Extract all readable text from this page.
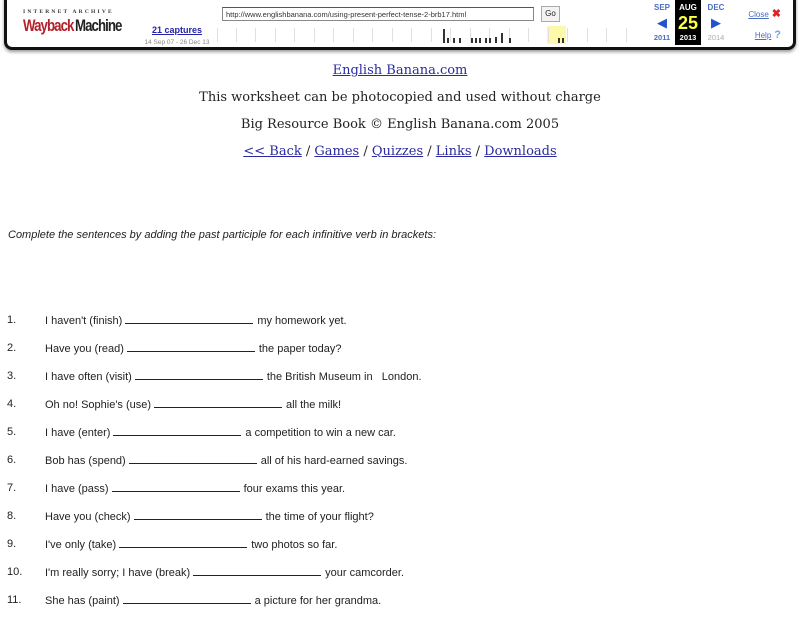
INTERNET ARCHIVE
Wayback Machine	21 captures
14 Sep 07 - 26 Dec 13
http://www.englishbanana.com/using-present-perfect-tense-2-brb17.html	Go
SEP
◀
2011
AUG
25
2013
DEC
▶
2014
Close ✖
Help ?
English Banana.com
This worksheet can be photocopied and used without charge
Big Resource Book © English Banana.com 2005
<< Back / Games / Quizzes / Links / Downloads
Complete the sentences by adding the past participle for each infinitive verb in brackets:
1.	I haven't (finish)	my homework yet.
2.	Have you (read)	the paper today?
3.	I have often (visit)	the British Museum in   London.
4.	Oh no! Sophie's (use)	all the milk!
5.	I have (enter)	a competition to win a new car.
6.	Bob has (spend)	all of his hard-earned savings.
7.	I have (pass)	four exams this year.
8.	Have you (check)	the time of your flight?
9.	I've only (take)	two photos so far.
10. I'm really sorry; I have (break)	your camcorder.
11. She has (paint)	a picture for her grandma.
